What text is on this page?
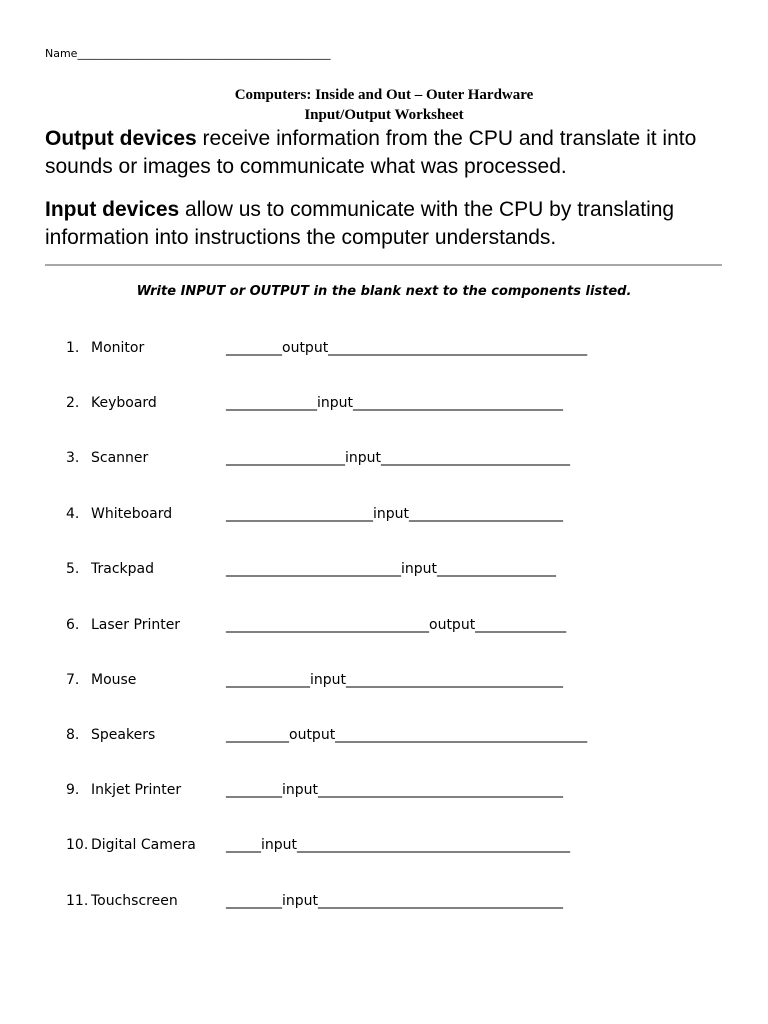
Name______________________________________________
Computers: Inside and Out – Outer Hardware
Input/Output Worksheet
Output devices receive information from the CPU and translate it into sounds or images to communicate what was processed.
Input devices allow us to communicate with the CPU by translating information into instructions the computer understands.
Write INPUT or OUTPUT in the blank next to the components listed.
1. Monitor	________output_____________________________________
2. Keyboard	_____________input______________________________
3. Scanner	_________________input___________________________
4. Whiteboard	_____________________input______________________
5. Trackpad	_________________________input_________________
6. Laser Printer	_____________________________output_____________
7. Mouse	____________input_______________________________
8. Speakers	_________output____________________________________
9. Inkjet Printer	________input___________________________________
10. Digital Camera _____input_______________________________________
11. Touchscreen	________input___________________________________
